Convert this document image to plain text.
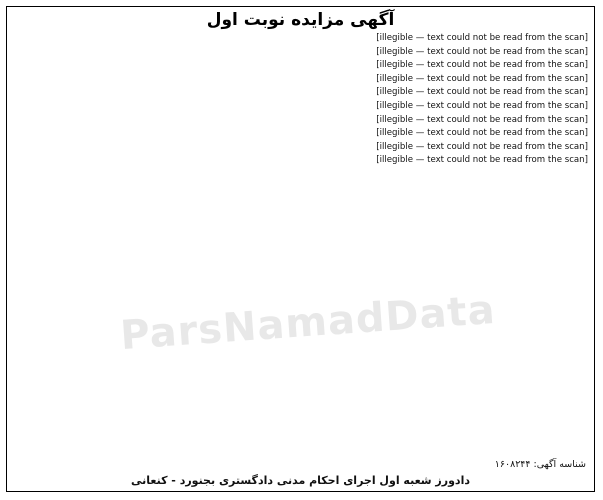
آگهی مزایده نوبت اول
[illegible — text could not be read from the scan]
[illegible — text could not be read from the scan]
[illegible — text could not be read from the scan]
[illegible — text could not be read from the scan]
[illegible — text could not be read from the scan]
[illegible — text could not be read from the scan]
[illegible — text could not be read from the scan]
[illegible — text could not be read from the scan]
[illegible — text could not be read from the scan]
[illegible — text could not be read from the scan]
شناسه آگهی: ۱۶۰۸۲۴۴
دادورز شعبه اول اجرای احکام مدنی دادگستری بجنورد - کنعانی
ParsNamadData
